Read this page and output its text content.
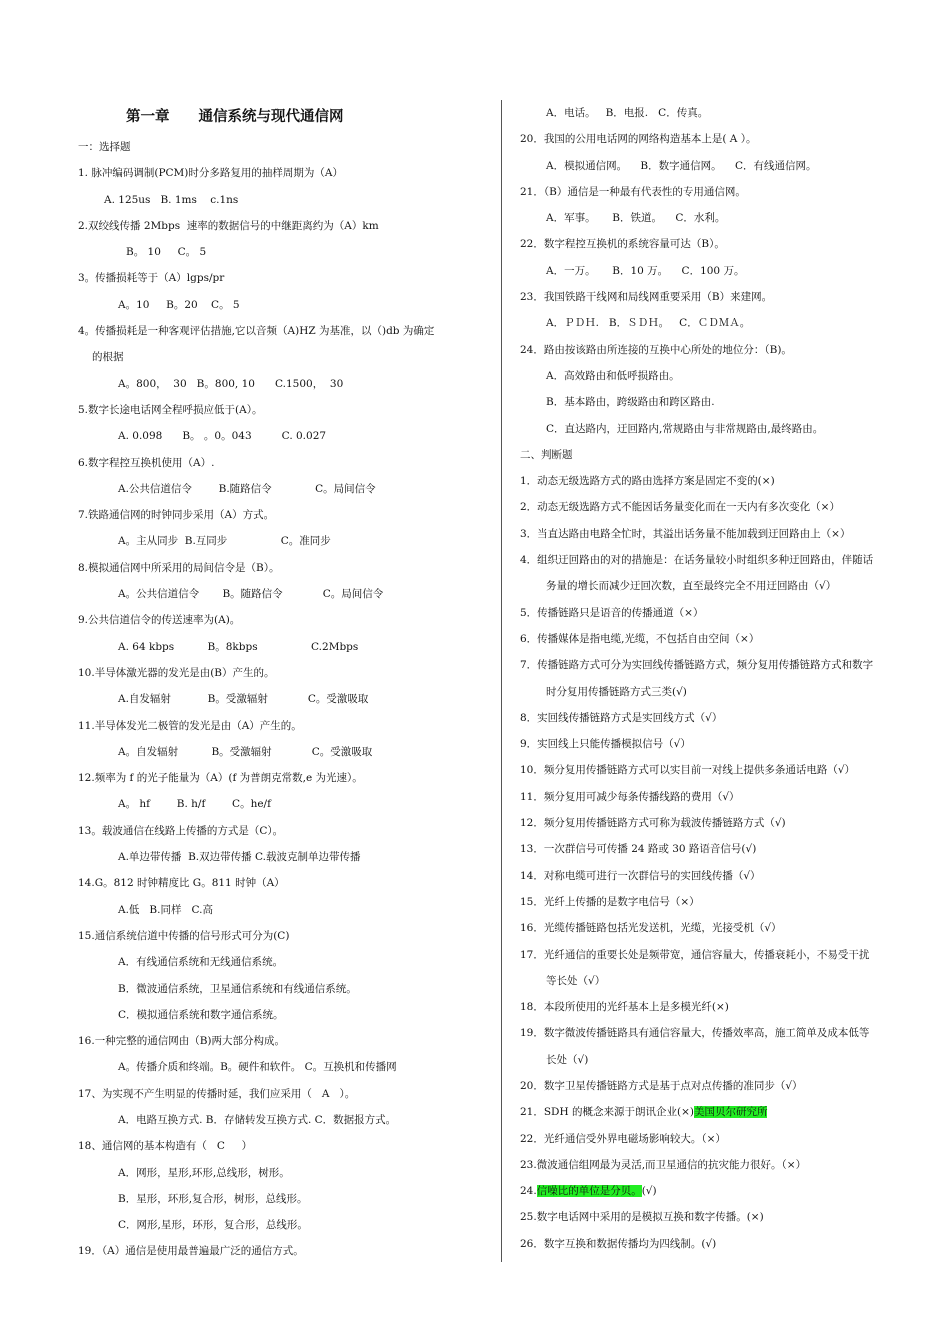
第一章　　通信系统与现代通信网
一：选择题
1. 脉冲编码调制(PCM)时分多路复用的抽样周期为（A）
A. 125us   B. 1ms    c.1ns
2.双绞线传播 2Mbps  速率的数据信号的中继距离约为（A）km
B。 10     C。 5
3。传播损耗等于（A）lgps/pr
A。10     B。20    C。 5
4。传播损耗是一种客观评估措施,它以音频（A)HZ 为基准，以（)db 为确定
的根据
A。800，  30   B。800, 10      C.1500，  30
5.数字长途电话网全程呼损应低于(A）。
A. 0.098      B。 。0。043         C. 0.027
6.数字程控互换机使用（A）.
A.公共信道信令        B.随路信令             C。局间信令
7.铁路通信网的时钟同步采用（A）方式。
A。主从同步  B.互同步                C。准同步
8.模拟通信网中所采用的局间信令是（B）。
A。公共信道信令       B。随路信令            C。局间信令
9.公共信道信令的传送速率为(A)。
A. 64 kbps          B。8kbps                C.2Mbps
10.半导体激光器的发光是由(B）产生的。
A.自发辐射           B。受激辐射            C。受激吸取
11.半导体发光二极管的发光是由（A）产生的。
A。自发辐射          B。受激辐射            C。受激吸取
12.频率为 f 的光子能量为（A）(f 为普朗克常数,e 为光速）。
A。 hf        B. h/f        C。he/f
13。载波通信在线路上传播的方式是（C）。
A.单边带传播  B.双边带传播 C.载波克制单边带传播
14.G。812 时钟精度比 G。811 时钟（A）
A.低   B.同样   C.高
15.通信系统信道中传播的信号形式可分为(C)
A．有线通信系统和无线通信系统。
B．微波通信系统，卫星通信系统和有线通信系统。
C．模拟通信系统和数字通信系统。
16.一种完整的通信网由（B)两大部分构成。
A。传播介质和终端。B。硬件和软件。 C。互换机和传播网
17、为实现不产生明显的传播时延，我们应采用（   A   ）。
A．电路互换方式. B．存储转发互换方式. C．数据报方式。
18、通信网的基本构造有（   C     ）
A．网形，星形,环形,总线形，树形。
B．星形，环形,复合形，树形，总线形。
C．网形,星形，环形，复合形，总线形。
19．（A）通信是使用最普遍最广泛的通信方式。
A．电话。   B．电报.   C．传真。
20．我国的公用电话网的网络构造基本上是( A ）。
A．模拟通信网。    B．数字通信网。    C．有线通信网。
21．（B）通信是一种最有代表性的专用通信网。
A．军事。     B．铁道。    C．水利。
22．数字程控互换机的系统容量可达（B）。
A．一万。     B．10 万。    C．100 万。
23．我国铁路干线网和局线网重要采用（B）来建网。
A．ＰＤＨ.   B．ＳＤＨ。   C．ＣＤＭＡ。
24．路由按该路由所连接的互换中心所处的地位分：（B)。
A．高效路由和低呼损路由。
B．基本路由，跨级路由和跨区路由.
C．直达路内，迂回路内,常规路由与非常规路由,最终路由。
二、判断题
1．动态无级选路方式的路由选择方案是固定不变的(×)
2．动态无级选路方式不能因话务量变化而在一天内有多次变化（×）
3．当直达路由电路全忙时，其溢出话务量不能加载到迂回路由上（×）
4．组织迂回路由的对的措施是：在话务量较小时组织多种迂回路由，伴随话
务量的增长而减少迂回次数，直至最终完全不用迂回路由（√）
5．传播链路只是语音的传播通道（×）
6．传播媒体是指电缆,光缆，不包括自由空间（×）
7．传播链路方式可分为实回线传播链路方式，频分复用传播链路方式和数字
时分复用传播链路方式三类(√)
8．实回线传播链路方式是实回线方式（√）
9．实回线上只能传播模拟信号（√）
10．频分复用传播链路方式可以实目前一对线上提供多条通话电路（√）
11．频分复用可减少每条传播线路的费用（√）
12．频分复用传播链路方式可称为载波传播链路方式（√)
13．一次群信号可传播 24 路或 30 路语音信号(√)
14．对称电缆可进行一次群信号的实回线传播（√）
15．光纤上传播的是数字电信号（×）
16．光缆传播链路包括光发送机，光缆，光接受机（√）
17．光纤通信的重要长处是频带宽，通信容量大，传播衰耗小，不易受干扰
等长处（√）
18．本段所使用的光纤基本上是多模光纤(×)
19．数字微波传播链路具有通信容量大，传播效率高，施工简单及成本低等
长处（√)
20．数字卫星传播链路方式是基于点对点传播的准同步（√）
21．SDH 的概念来源于朗讯企业(×)美国贝尔研究所
22．光纤通信受外界电磁场影响较大。（×）
23.微波通信组网最为灵活,而卫星通信的抗灾能力很好。（×）
24.信噪比的单位是分贝。(√)
25.数字电话网中采用的是模拟互换和数字传播。(×)
26．数字互换和数据传播均为四线制。(√)
